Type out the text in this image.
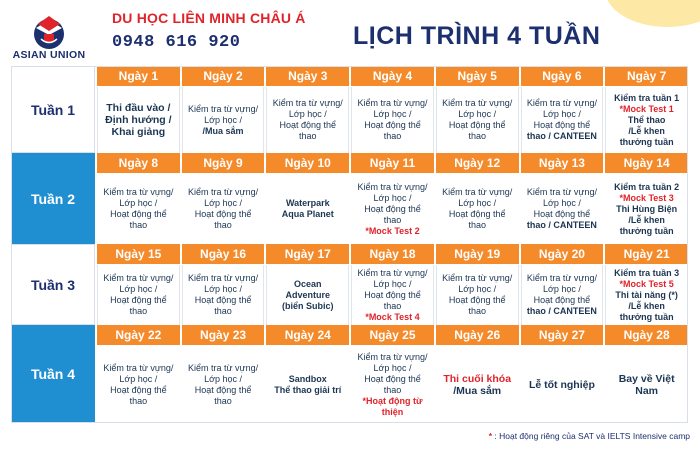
ASIAN UNION
DU HỌC LIÊN MINH CHÂU Á
0948 616 920	LỊCH TRÌNH 4 TUẦN
Tuần 1
Ngày 1
Thi đầu vào /
Định hướng /
Khai giảng
Ngày 2
Kiểm tra từ vựng/
Lớp học /
/Mua sắm
Ngày 3
Kiểm tra từ vựng/
Lớp học /
Hoạt động thể
thao
Ngày 4
Kiểm tra từ vựng/
Lớp học /
Hoạt động thể
thao
Ngày 5
Kiểm tra từ vựng/
Lớp học /
Hoạt động thể
thao
Ngày 6
Kiểm tra từ vựng/
Lớp học /
Hoạt động thể
thao / CANTEEN
Ngày 7
Kiểm tra tuần 1
*Mock Test 1
Thể thao
/Lễ khen
thưởng tuần
Tuần 2
Ngày 8
Kiểm tra từ vựng/
Lớp học /
Hoạt động thể
thao
Ngày 9
Kiểm tra từ vựng/
Lớp học /
Hoạt động thể
thao
Ngày 10
Waterpark
Aqua Planet
Ngày 11
Kiểm tra từ vựng/
Lớp học /
Hoạt động thể
thao
*Mock Test 2
Ngày 12
Kiểm tra từ vựng/
Lớp học /
Hoạt động thể
thao
Ngày 13
Kiểm tra từ vựng/
Lớp học /
Hoạt động thể
thao / CANTEEN
Ngày 14
Kiểm tra tuần 2
*Mock Test 3
Thi Hùng Biện
/Lễ khen
thưởng tuần
Tuần 3
Ngày 15
Kiểm tra từ vựng/
Lớp học /
Hoạt động thể
thao
Ngày 16
Kiểm tra từ vựng/
Lớp học /
Hoạt động thể
thao
Ngày 17
Ocean
Adventure
(biển Subic)
Ngày 18
Kiểm tra từ vựng/
Lớp học /
Hoạt động thể
thao
*Mock Test 4
Ngày 19
Kiểm tra từ vựng/
Lớp học /
Hoạt động thể
thao
Ngày 20
Kiểm tra từ vựng/
Lớp học /
Hoạt động thể
thao / CANTEEN
Ngày 21
Kiểm tra tuần 3
*Mock Test 5
Thi tài năng (*)
/Lễ khen
thưởng tuần
Tuần 4
Ngày 22
Kiểm tra từ vựng/
Lớp học /
Hoạt động thể
thao
Ngày 23
Kiểm tra từ vựng/
Lớp học /
Hoạt động thể
thao
Ngày 24
Sandbox
Thể thao giải trí
Ngày 25
Kiểm tra từ vựng/
Lớp học /
Hoạt động thể
thao
*Hoạt động từ thiện
Ngày 26
Thi cuối khóa
/Mua sắm
Ngày 27
Lễ tốt nghiệp
Ngày 28
Bay về Việt Nam
* : Hoạt động riêng của SAT và IELTS Intensive camp
